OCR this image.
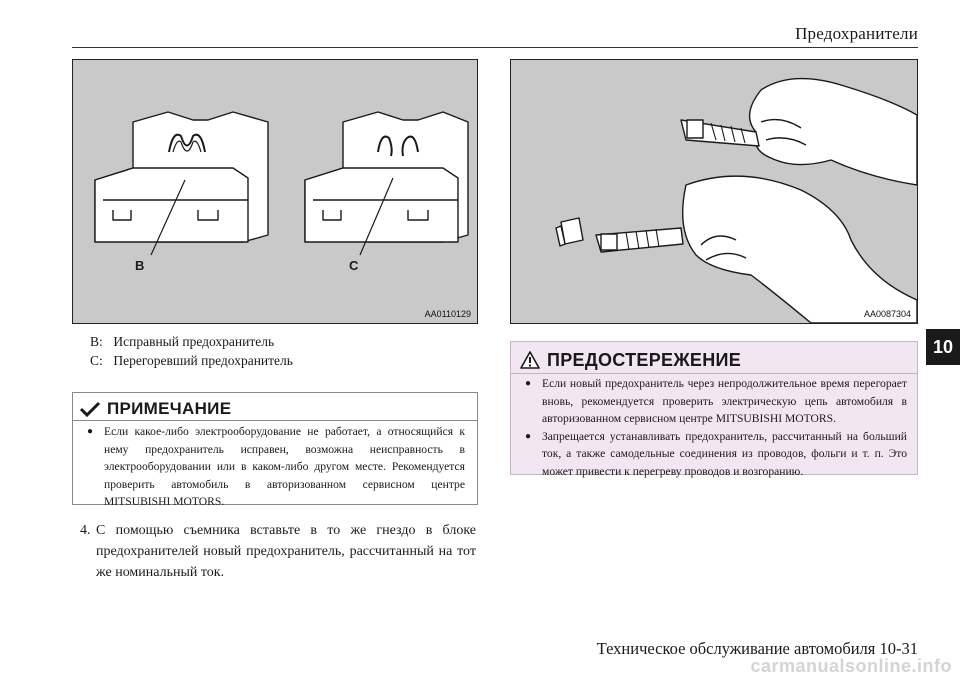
Предохранители
B	C
AA0110129	AA0087304
B: Исправный предохранитель
C: Перегоревший предохранитель
ПРИМЕЧАНИЕ
● Если какое-либо электрооборудование не работает, а относящийся к нему предохранитель исправен, возможна неисправность в электрооборудовании или в каком-либо другом месте. Рекомендуется проверить автомобиль в авторизованном сервисном центре MITSUBISHI MOTORS.
4. С помощью съемника вставьте в то же гнездо в блоке предохранителей новый предохранитель, рассчитанный на тот же номинальный ток.
ПРЕДОСТЕРЕЖЕНИЕ
● Если новый предохранитель через непродолжительное время перегорает вновь, рекомендуется проверить электрическую цепь автомобиля в авторизованном сервисном центре MITSUBISHI MOTORS.
● Запрещается устанавливать предохранитель, рассчитанный на больший ток, а также самодельные соединения из проводов, фольги и т. п. Это может привести к перегреву проводов и возгоранию.
10
Техническое обслуживание автомобиля 10-31
carmanualsonline.info
